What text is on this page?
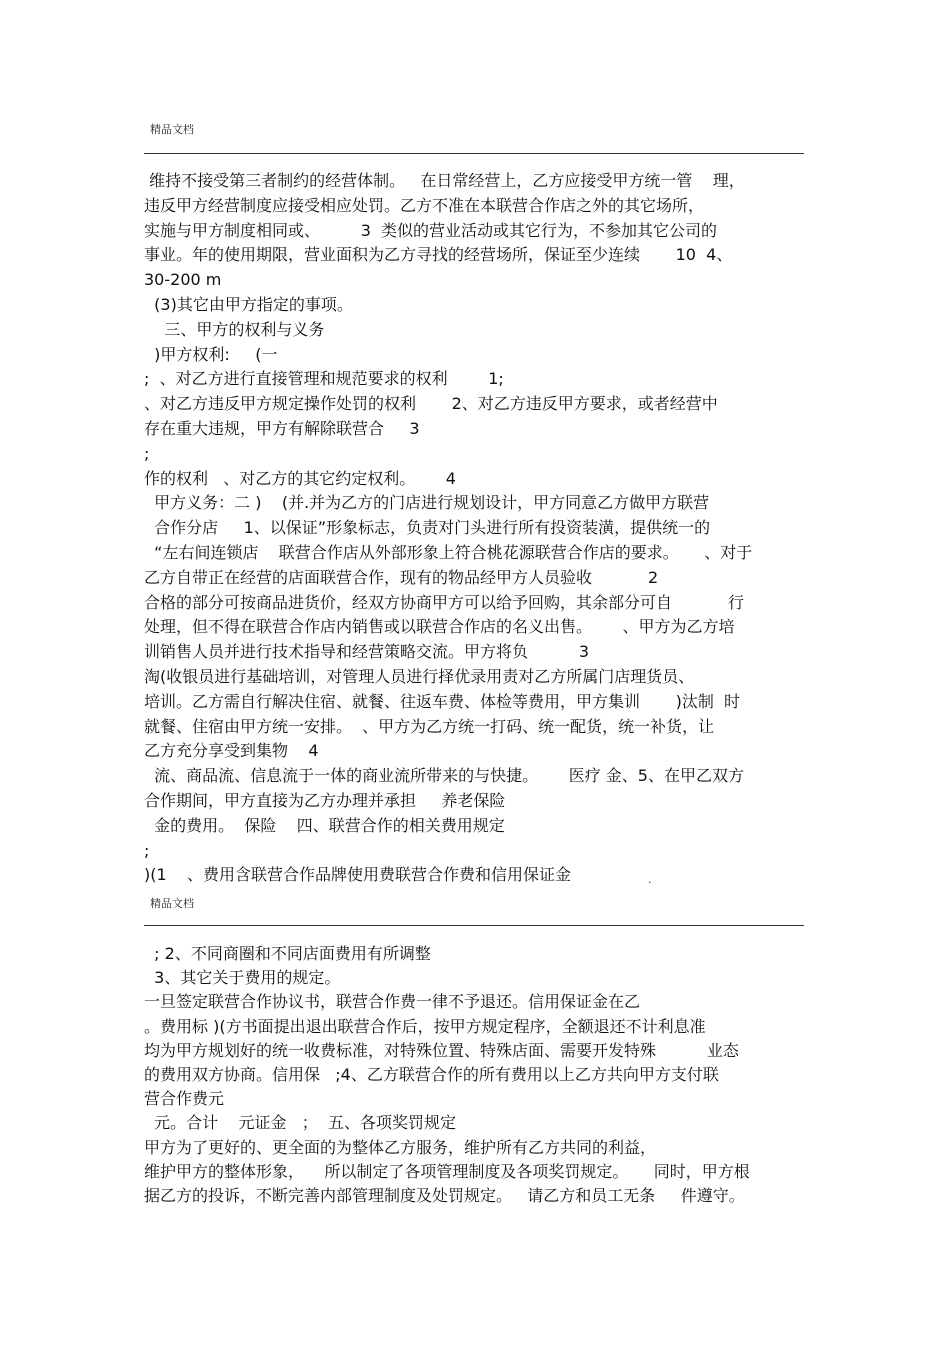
精品文档
维持不接受第三者制约的经营体制。   在日常经营上，乙方应接受甲方统一管    理，
违反甲方经营制度应接受相应处罚。乙方不准在本联营合作店之外的其它场所，
实施与甲方制度相同或、        3  类似的营业活动或其它行为，不参加其它公司的
事业。年的使用期限，营业面积为乙方寻找的经营场所，保证至少连续       10  4、
30-200 m
(3)其它由甲方指定的事项。
三、甲方的权利与义务
)甲方权利:     (一
;  、对乙方进行直接管理和规范要求的权利        1;
、对乙方违反甲方规定操作处罚的权利       2、对乙方违反甲方要求，或者经营中
存在重大违规，甲方有解除联营合     3
;
作的权利   、对乙方的其它约定权利。      4
甲方义务：二 )    (并.并为乙方的门店进行规划设计，甲方同意乙方做甲方联营
合作分店     1、以保证”形象标志，负责对门头进行所有投资装潢，提供统一的
“左右间连锁店    联营合作店从外部形象上符合桃花源联营合作店的要求。     、对于
乙方自带正在经营的店面联营合作，现有的物品经甲方人员验收           2
合格的部分可按商品进货价，经双方协商甲方可以给予回购，其余部分可自           行
处理，但不得在联营合作店内销售或以联营合作店的名义出售。      、甲方为乙方培
训销售人员并进行技术指导和经营策略交流。甲方将负          3
淘(收银员进行基础培训，对管理人员进行择优录用责对乙方所属门店理货员、
培训。乙方需自行解决住宿、就餐、往返车费、体检等费用，甲方集训       )汰制  时
就餐、住宿由甲方统一安排。  、甲方为乙方统一打码、统一配货，统一补货，让
乙方充分享受到集物    4
流、商品流、信息流于一体的商业流所带来的与快捷。      医疗 金、5、在甲乙双方
合作期间，甲方直接为乙方办理并承担     养老保险
金的费用。  保险    四、联营合作的相关费用规定
;
)(1    、费用含联营合作品牌使用费联营合作费和信用保证金	.
精品文档
; 2、不同商圈和不同店面费用有所调整
3、其它关于费用的规定。
一旦签定联营合作协议书，联营合作费一律不予退还。信用保证金在乙
。费用标 )(方书面提出退出联营合作后，按甲方规定程序，全额退还不计利息准
均为甲方规划好的统一收费标准，对特殊位置、特殊店面、需要开发特殊          业态
的费用双方协商。信用保   ;4、乙方联营合作的所有费用以上乙方共向甲方支付联
营合作费元
元。合计    元证金   ；  五、各项奖罚规定
甲方为了更好的、更全面的为整体乙方服务，维护所有乙方共同的利益，
维护甲方的整体形象，    所以制定了各项管理制度及各项奖罚规定。     同时，甲方根
据乙方的投诉，不断完善内部管理制度及处罚规定。   请乙方和员工无条     件遵守。
